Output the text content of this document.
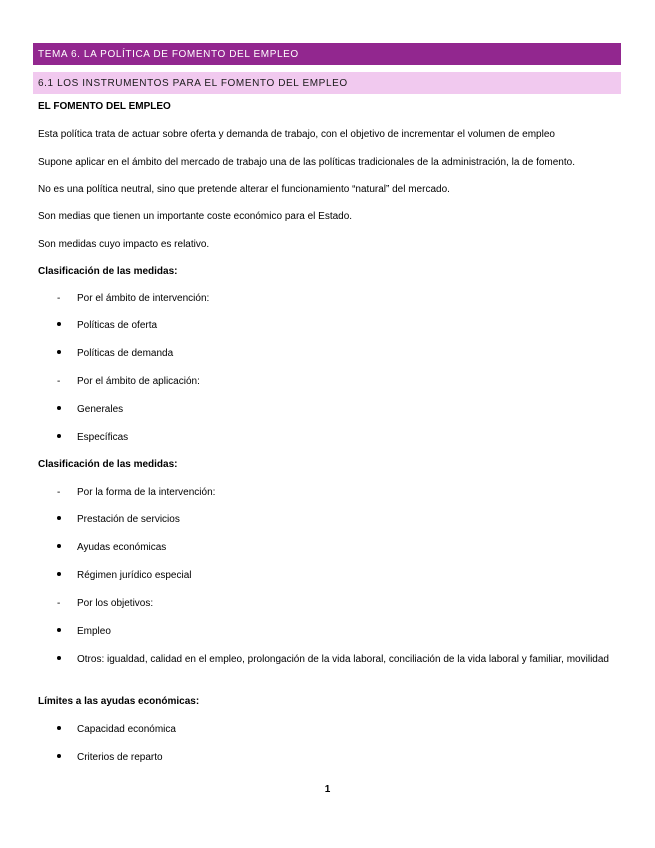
TEMA 6. LA POLÍTICA DE FOMENTO DEL EMPLEO
6.1 LOS INSTRUMENTOS PARA EL FOMENTO DEL EMPLEO
EL FOMENTO DEL EMPLEO
Esta política trata de actuar sobre oferta y demanda de trabajo, con el objetivo de incrementar el volumen de empleo
Supone aplicar en el ámbito del mercado de trabajo una de las políticas tradicionales de la administración, la de fomento.
No es una política neutral, sino que pretende alterar el funcionamiento “natural” del mercado.
Son medias que tienen un importante coste económico para el Estado.
Son medidas cuyo impacto es relativo.
Clasificación de las medidas:
-	Por el ámbito de intervención:
Políticas de oferta
Políticas de demanda
-	Por el ámbito de aplicación:
Generales
Específicas
Clasificación de las medidas:
-	Por la forma de la intervención:
Prestación de servicios
Ayudas económicas
Régimen jurídico especial
-	Por los objetivos:
Empleo
Otros: igualdad, calidad en el empleo, prolongación de la vida laboral, conciliación de la vida laboral y familiar, movilidad
Límites a las ayudas económicas:
Capacidad económica
Criterios de reparto
1
